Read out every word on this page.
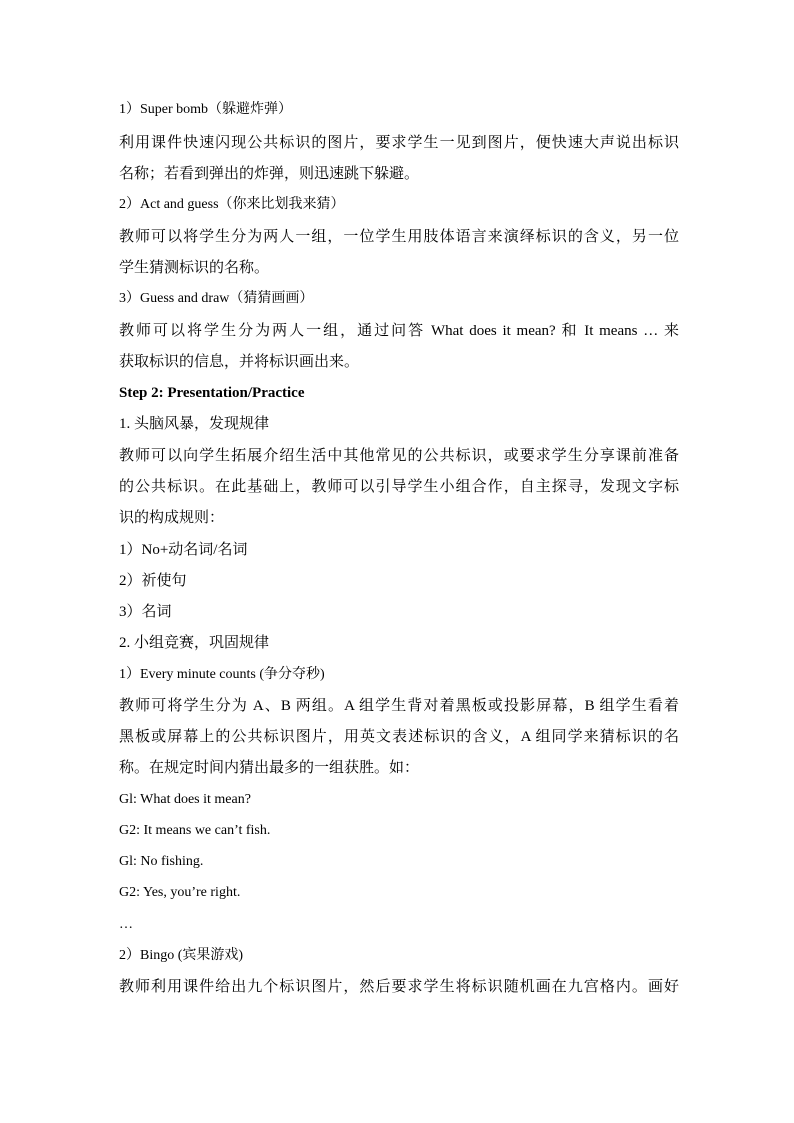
1）Super bomb（躲避炸弹）
利用课件快速闪现公共标识的图片，要求学生一见到图片，便快速大声说出标识
名称；若看到弹出的炸弹，则迅速跳下躲避。
2）Act and guess（你来比划我来猜）
教师可以将学生分为两人一组，一位学生用肢体语言来演绎标识的含义，另一位
学生猜测标识的名称。
3）Guess and draw（猜猜画画）
教师可以将学生分为两人一组，通过问答 What does it mean? 和 It means … 来
获取标识的信息，并将标识画出来。
Step 2: Presentation/Practice
1. 头脑风暴，发现规律
教师可以向学生拓展介绍生活中其他常见的公共标识，或要求学生分享课前准备
的公共标识。在此基础上，教师可以引导学生小组合作，自主探寻，发现文字标
识的构成规则：
1）No+动名词/名词
2）祈使句
3）名词
2. 小组竞赛，巩固规律
1）Every minute counts (争分夺秒)
教师可将学生分为 A、B 两组。A 组学生背对着黑板或投影屏幕，B 组学生看着
黑板或屏幕上的公共标识图片，用英文表述标识的含义，A 组同学来猜标识的名
称。在规定时间内猜出最多的一组获胜。如：
Gl: What does it mean?
G2: It means we can’t fish.
Gl: No fishing.
G2: Yes, you’re right.
…
2）Bingo (宾果游戏)
教师利用课件给出九个标识图片，然后要求学生将标识随机画在九宫格内。画好
